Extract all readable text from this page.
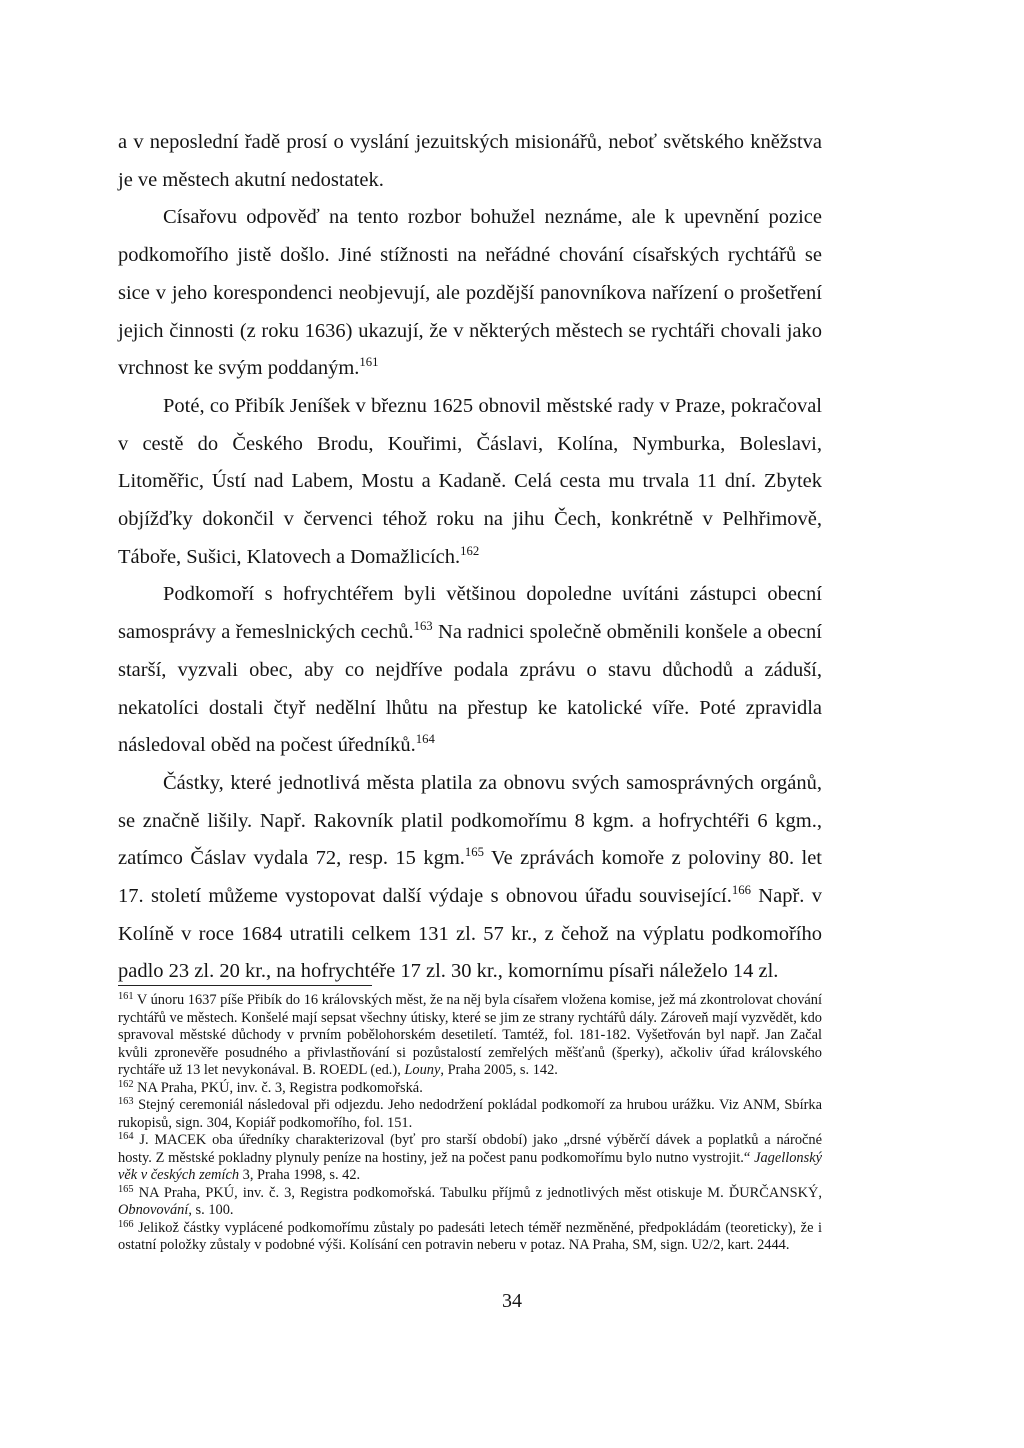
a v neposlední řadě prosí o vyslání jezuitských misionářů, neboť světského kněžstva je ve městech akutní nedostatek.

Císařovu odpověď na tento rozbor bohužel neznáme, ale k upevnění pozice podkomořího jistě došlo. Jiné stížnosti na neřádné chování císařských rychtářů se sice v jeho korespondenci neobjevují, ale pozdější panovníkova nařízení o prošetření jejich činnosti (z roku 1636) ukazují, že v některých městech se rychtáři chovali jako vrchnost ke svým poddaným.$^{161}$

Poté, co Přibík Jeníšek v březnu 1625 obnovil městské rady v Praze, pokračoval v cestě do Českého Brodu, Kouřimi, Čáslavi, Kolína, Nymburka, Boleslavi, Litoměřic, Ústí nad Labem, Mostu a Kadaně. Celá cesta mu trvala 11 dní. Zbytek objížďky dokončil v červenci téhož roku na jihu Čech, konkrétně v Pelhřimově, Táboře, Sušici, Klatovech a Domažlicích.$^{162}$

Podkomoří s hofrychtéřem byli většinou dopoledne uvítáni zástupci obecní samosprávy a řemeslnických cechů.$^{163}$ Na radnici společně obměnili konšele a obecní starší, vyzvali obec, aby co nejdříve podala zprávu o stavu důchodů a záduší, nekatolíci dostali čtyř nedělní lhůtu na přestup ke katolické víře. Poté zpravidla následoval oběd na počest úředníků.$^{164}$

Částky, které jednotlivá města platila za obnovu svých samosprávných orgánů, se značně lišily. Např. Rakovník platil podkomořímu 8 kgm. a hofrychtéři 6 kgm., zatímco Čáslav vydala 72, resp. 15 kgm.$^{165}$ Ve zprávách komoře z poloviny 80. let 17. století můžeme vystopovat další výdaje s obnovou úřadu související.$^{166}$ Např. v Kolíně v roce 1684 utratili celkem 131 zl. 57 kr., z čehož na výplatu podkomořího padlo 23 zl. 20 kr., na hofrychtéře 17 zl. 30 kr., komornímu písaři náleželo 14 zl.

$^{161}$ V únoru 1637 píše Přibík do 16 královských měst, že na něj byla císařem vložena komise, jež má zkontrolovat chování rychtářů ve městech. Konšelé mají sepsat všechny útisky, které se jim ze strany rychtářů dály. Zároveň mají vyzvědět, kdo spravoval městské důchody v prvním pobělohorském desetiletí. Tamtéž, fol. 181-182. Vyšetřován byl např. Jan Začal kvůli zpronevěře posudného a přivlastňování si pozůstalostí zemřelých měšťanů (šperky), ačkoliv úřad královského rychtáře už 13 let nevykonával. B. ROEDL (ed.), Louny, Praha 2005, s. 142.

$^{162}$ NA Praha, PKÚ, inv. č. 3, Registra podkomořská.

$^{163}$ Stejný ceremoniál následoval při odjezdu. Jeho nedodržení pokládal podkomoří za hrubou urážku. Viz ANM, Sbírka rukopisů, sign. 304, Kopiář podkomořího, fol. 151.

$^{164}$ J. MACEK oba úředníky charakterizoval (byť pro starší období) jako „drsné výběrčí dávek a poplatků a náročné hosty. Z městské pokladny plynuly peníze na hostiny, jež na počest panu podkomořímu bylo nutno vystrojit.“ Jagellonský věk v českých zemích 3, Praha 1998, s. 42.

$^{165}$ NA Praha, PKÚ, inv. č. 3, Registra podkomořská. Tabulku příjmů z jednotlivých měst otiskuje M. ĎURČANSKÝ, Obnovování, s. 100.

$^{166}$ Jelikož částky vyplácené podkomořímu zůstaly po padesáti letech téměř nezměněné, předpokládám (teoreticky), že i ostatní položky zůstaly v podobné výši. Kolísání cen potravin neberu v potaz. NA Praha, SM, sign. U2/2, kart. 2444.

34
